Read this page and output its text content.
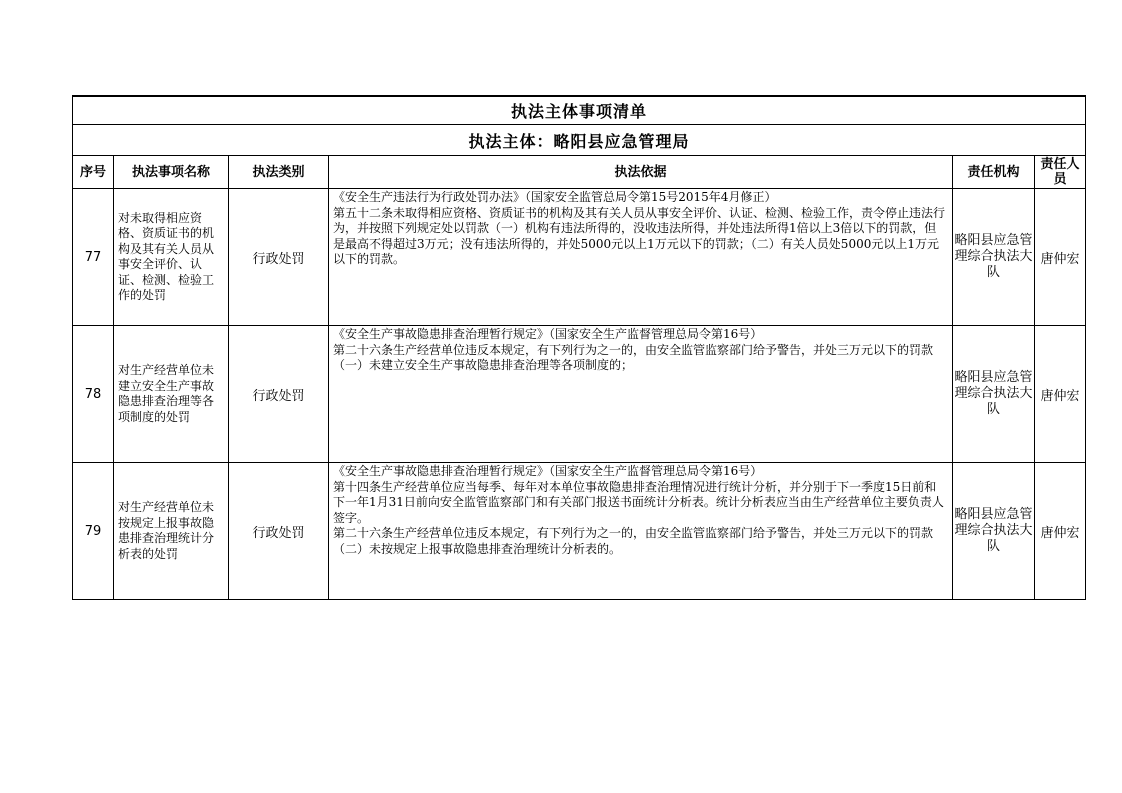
执法主体事项清单					
执法主体：略阳县应急管理局					
序号	执法事项名称	执法类别	执法依据	责任机构	责任人员
77	对未取得相应资格、资质证书的机构及其有关人员从事安全评价、认证、检测、检验工作的处罚	行政处罚	《安全生产违法行为行政处罚办法》（国家安全监管总局令第15号2015年4月修正）
第五十二条未取得相应资格、资质证书的机构及其有关人员从事安全评价、认证、检测、检验工作，责令停止违法行为，并按照下列规定处以罚款（一）机构有违法所得的，没收违法所得，并处违法所得1倍以上3倍以下的罚款，但是最高不得超过3万元；没有违法所得的，并处5000元以上1万元以下的罚款；（二）有关人员处5000元以上1万元以下的罚款。	略阳县应急管理综合执法大队	唐仲宏
78	对生产经营单位未建立安全生产事故隐患排查治理等各项制度的处罚	行政处罚	《安全生产事故隐患排查治理暂行规定》（国家安全生产监督管理总局令第16号）
第二十六条生产经营单位违反本规定，有下列行为之一的，由安全监管监察部门给予警告，并处三万元以下的罚款（一）未建立安全生产事故隐患排查治理等各项制度的；	略阳县应急管理综合执法大队	唐仲宏
79	对生产经营单位未按规定上报事故隐患排查治理统计分析表的处罚	行政处罚	《安全生产事故隐患排查治理暂行规定》（国家安全生产监督管理总局令第16号）
第十四条生产经营单位应当每季、每年对本单位事故隐患排查治理情况进行统计分析，并分别于下一季度15日前和下一年1月31日前向安全监管监察部门和有关部门报送书面统计分析表。统计分析表应当由生产经营单位主要负责人签字。
第二十六条生产经营单位违反本规定，有下列行为之一的，由安全监管监察部门给予警告，并处三万元以下的罚款（二）未按规定上报事故隐患排查治理统计分析表的。	略阳县应急管理综合执法大队	唐仲宏
